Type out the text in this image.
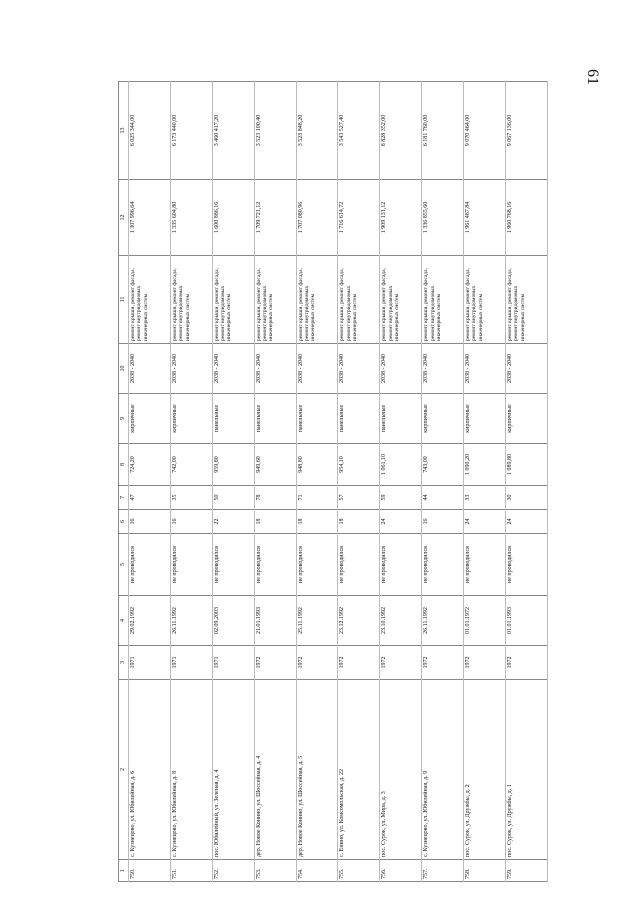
61
1	2	3	4	5	6	7	8	9	10	11	12	13
750.	с. Кузнецово, ул. Юбилейная, д. 6	1971	29.02.1992	не проводился	16	47	724,20	кирпичные	2038 - 2040	ремонт крыши, ремонт фасада, ремонт внутридомовых инженерных систем	1 307 996,64	6 025 344,00
751.	с. Кузнецово, ул. Юбилейная, д. 8	1971	26.11.1992	не проводился	16	35	742,00	кирпичные	2038 - 2040	ремонт крыши, ремонт фасада, ремонт внутридомовых инженерных систем	1 335 604,80	6 173 440,00
752.	пос. Юбилейный, ул. Зеленая, д. 4	1971	02.09.2003	не проводился	22	50	959,80	панельные	2038 - 2040	ремонт крыши, ремонт фасада, ремонт внутридомовых инженерных систем	1 600 886,16	3 460 417,20
753.	дер. Новое Коннно, ул. Шоссейная, д. 4	1972	21.01.1993	не проводился	18	78	949,60	панельные	2038 - 2040	ремонт крыши, ремонт фасада, ремонт внутридомовых инженерных систем	1 709 721,12	3 523 100,40
754.	дер. Новое Коннно, ул. Шоссейная, д. 5	1972	25.11.1992	не проводился	18	71	948,80	панельные	2038 - 2040	ремонт крыши, ремонт фасада, ремонт внутридомовых инженерных систем	1 707 080,96	3 523 848,20
755.	с. Енино, ул. Комсомольская, д. 22	1972	23.12.1992	не проводился	18	57	954,10	панельные	2038 - 2040	ремонт крыши, ремонт фасада, ремонт внутридомовых инженерных систем	1 716 614,72	3 543 527,40
756.	пос. Сурок, ул. Мира, д. 3	1972	23.10.1992	не проводился	24	59	1 061,10	панельные	2038 - 2040	ремонт крыши, ремонт фасада, ремонт внутридомовых инженерных систем	1 909 131,12	8 828 352,00
757.	с. Кузнецово, ул. Юбилейная, д. 9	1972	26.11.1992	не проводился	16	44	743,00	кирпичные	2038 - 2040	ремонт крыши, ремонт фасада, ремонт внутридомовых инженерных систем	1 336 855,60	6 181 760,00
758.	пос. Сурок, ул. Дружбы, д. 2	1972	01.01.1972	не проводился	24	33	1 090,20	кирпичные	2038 - 2040	ремонт крыши, ремонт фасада, ремонт внутридомовых инженерных систем	1 961 487,84	9 070 464,00
759.	пос. Сурок, ул. Дружбы, д. 1	1972	01.01.1993	не проводился	24	30	1 089,80	кирпичные	2038 - 2040	ремонт крыши, ремонт фасада, ремонт внутридомовых инженерных систем	1 960 768,16	9 067 136,00
